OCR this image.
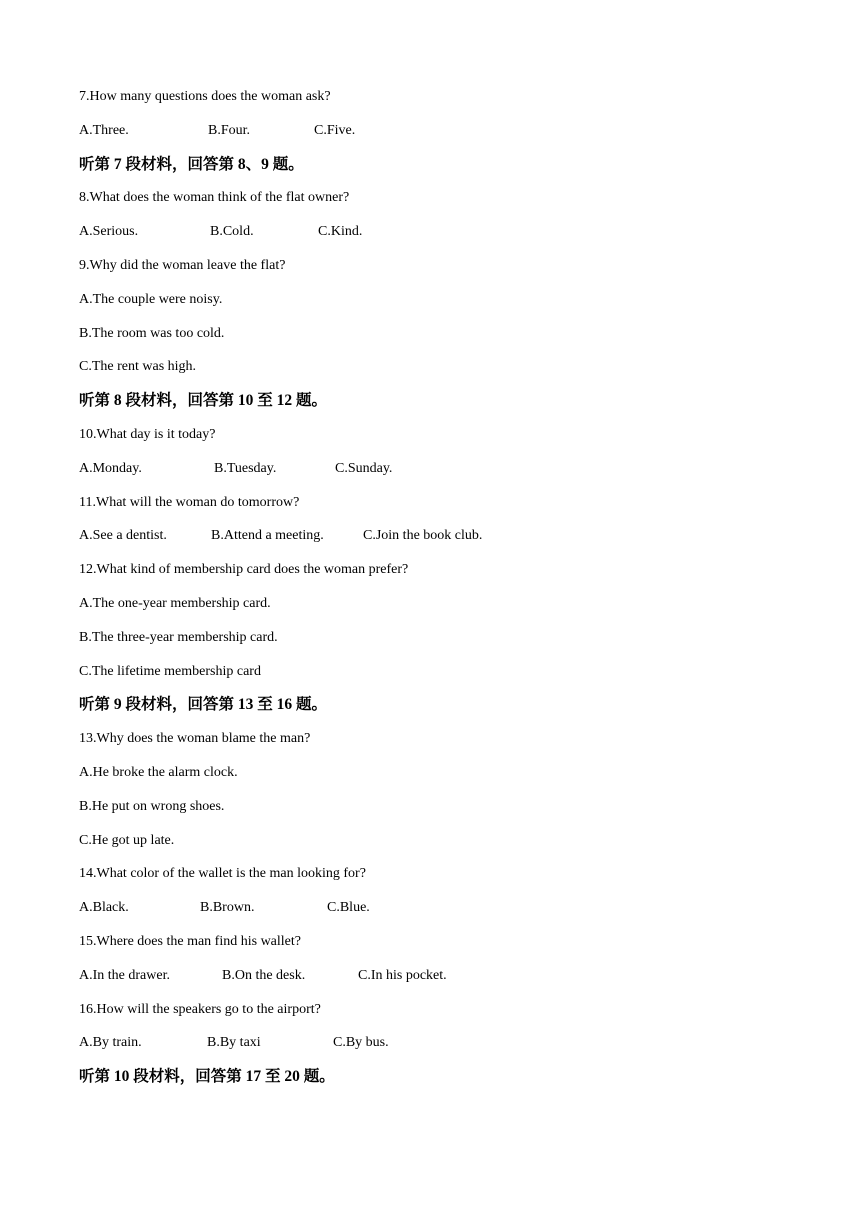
7.How many questions does the woman ask?
A.Three.	B.Four.	C.Five.
听第 7 段材料，回答第 8、9 题。
8.What does the woman think of the flat owner?
A.Serious.	B.Cold.	C.Kind.
9.Why did the woman leave the flat?
A.The couple were noisy.
B.The room was too cold.
C.The rent was high.
听第 8 段材料，回答第 10 至 12 题。
10.What day is it today?
A.Monday.	B.Tuesday.	C.Sunday.
11.What will the woman do tomorrow?
A.See a dentist.	B.Attend a meeting.	C.Join the book club.
12.What kind of membership card does the woman prefer?
A.The one-year membership card.
B.The three-year membership card.
C.The lifetime membership card
听第 9 段材料，回答第 13 至 16 题。
13.Why does the woman blame the man?
A.He broke the alarm clock.
B.He put on wrong shoes.
C.He got up late.
14.What color of the wallet is the man looking for?
A.Black.	B.Brown.	C.Blue.
15.Where does the man find his wallet?
A.In the drawer.	B.On the desk.	C.In his pocket.
16.How will the speakers go to the airport?
A.By train.	B.By taxi	C.By bus.
听第 10 段材料，回答第 17 至 20 题。
